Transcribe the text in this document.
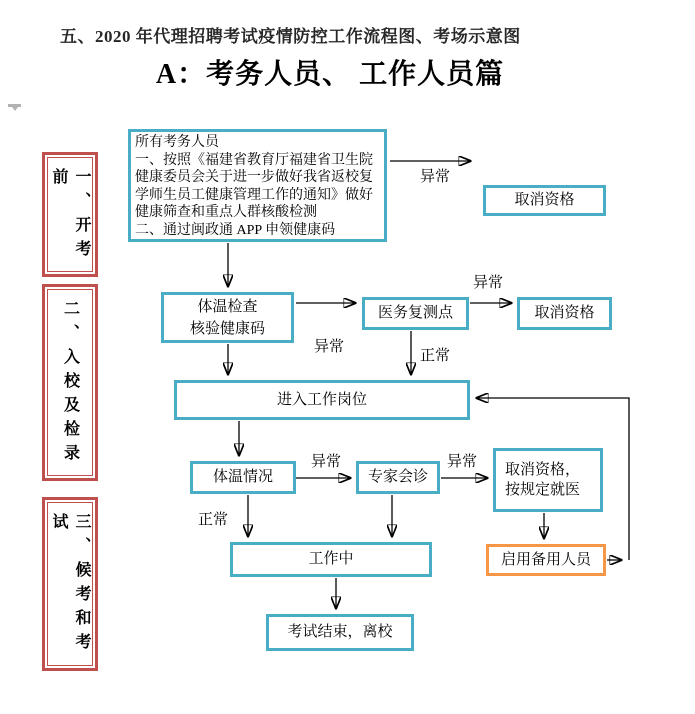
五、2020 年代理招聘考试疫情防控工作流程图、考场示意图
A：考务人员、 工作人员篇
一、开考前
二、入校及检录
三、候考和考试
所有考务人员
一、按照《福建省教育厅福建省卫生院
健康委员会关于进一步做好我省返校复
学师生员工健康管理工作的通知》做好
健康筛查和重点人群核酸检测
二、通过闽政通 APP 申领健康码
取消资格
体温检查
核验健康码
医务复测点	取消资格
进入工作岗位
体温情况	专家会诊	取消资格，
按规定就医
启用备用人员
工作中
考试结束，离校
异常
异常
正常
异常
异常	异常
正常
